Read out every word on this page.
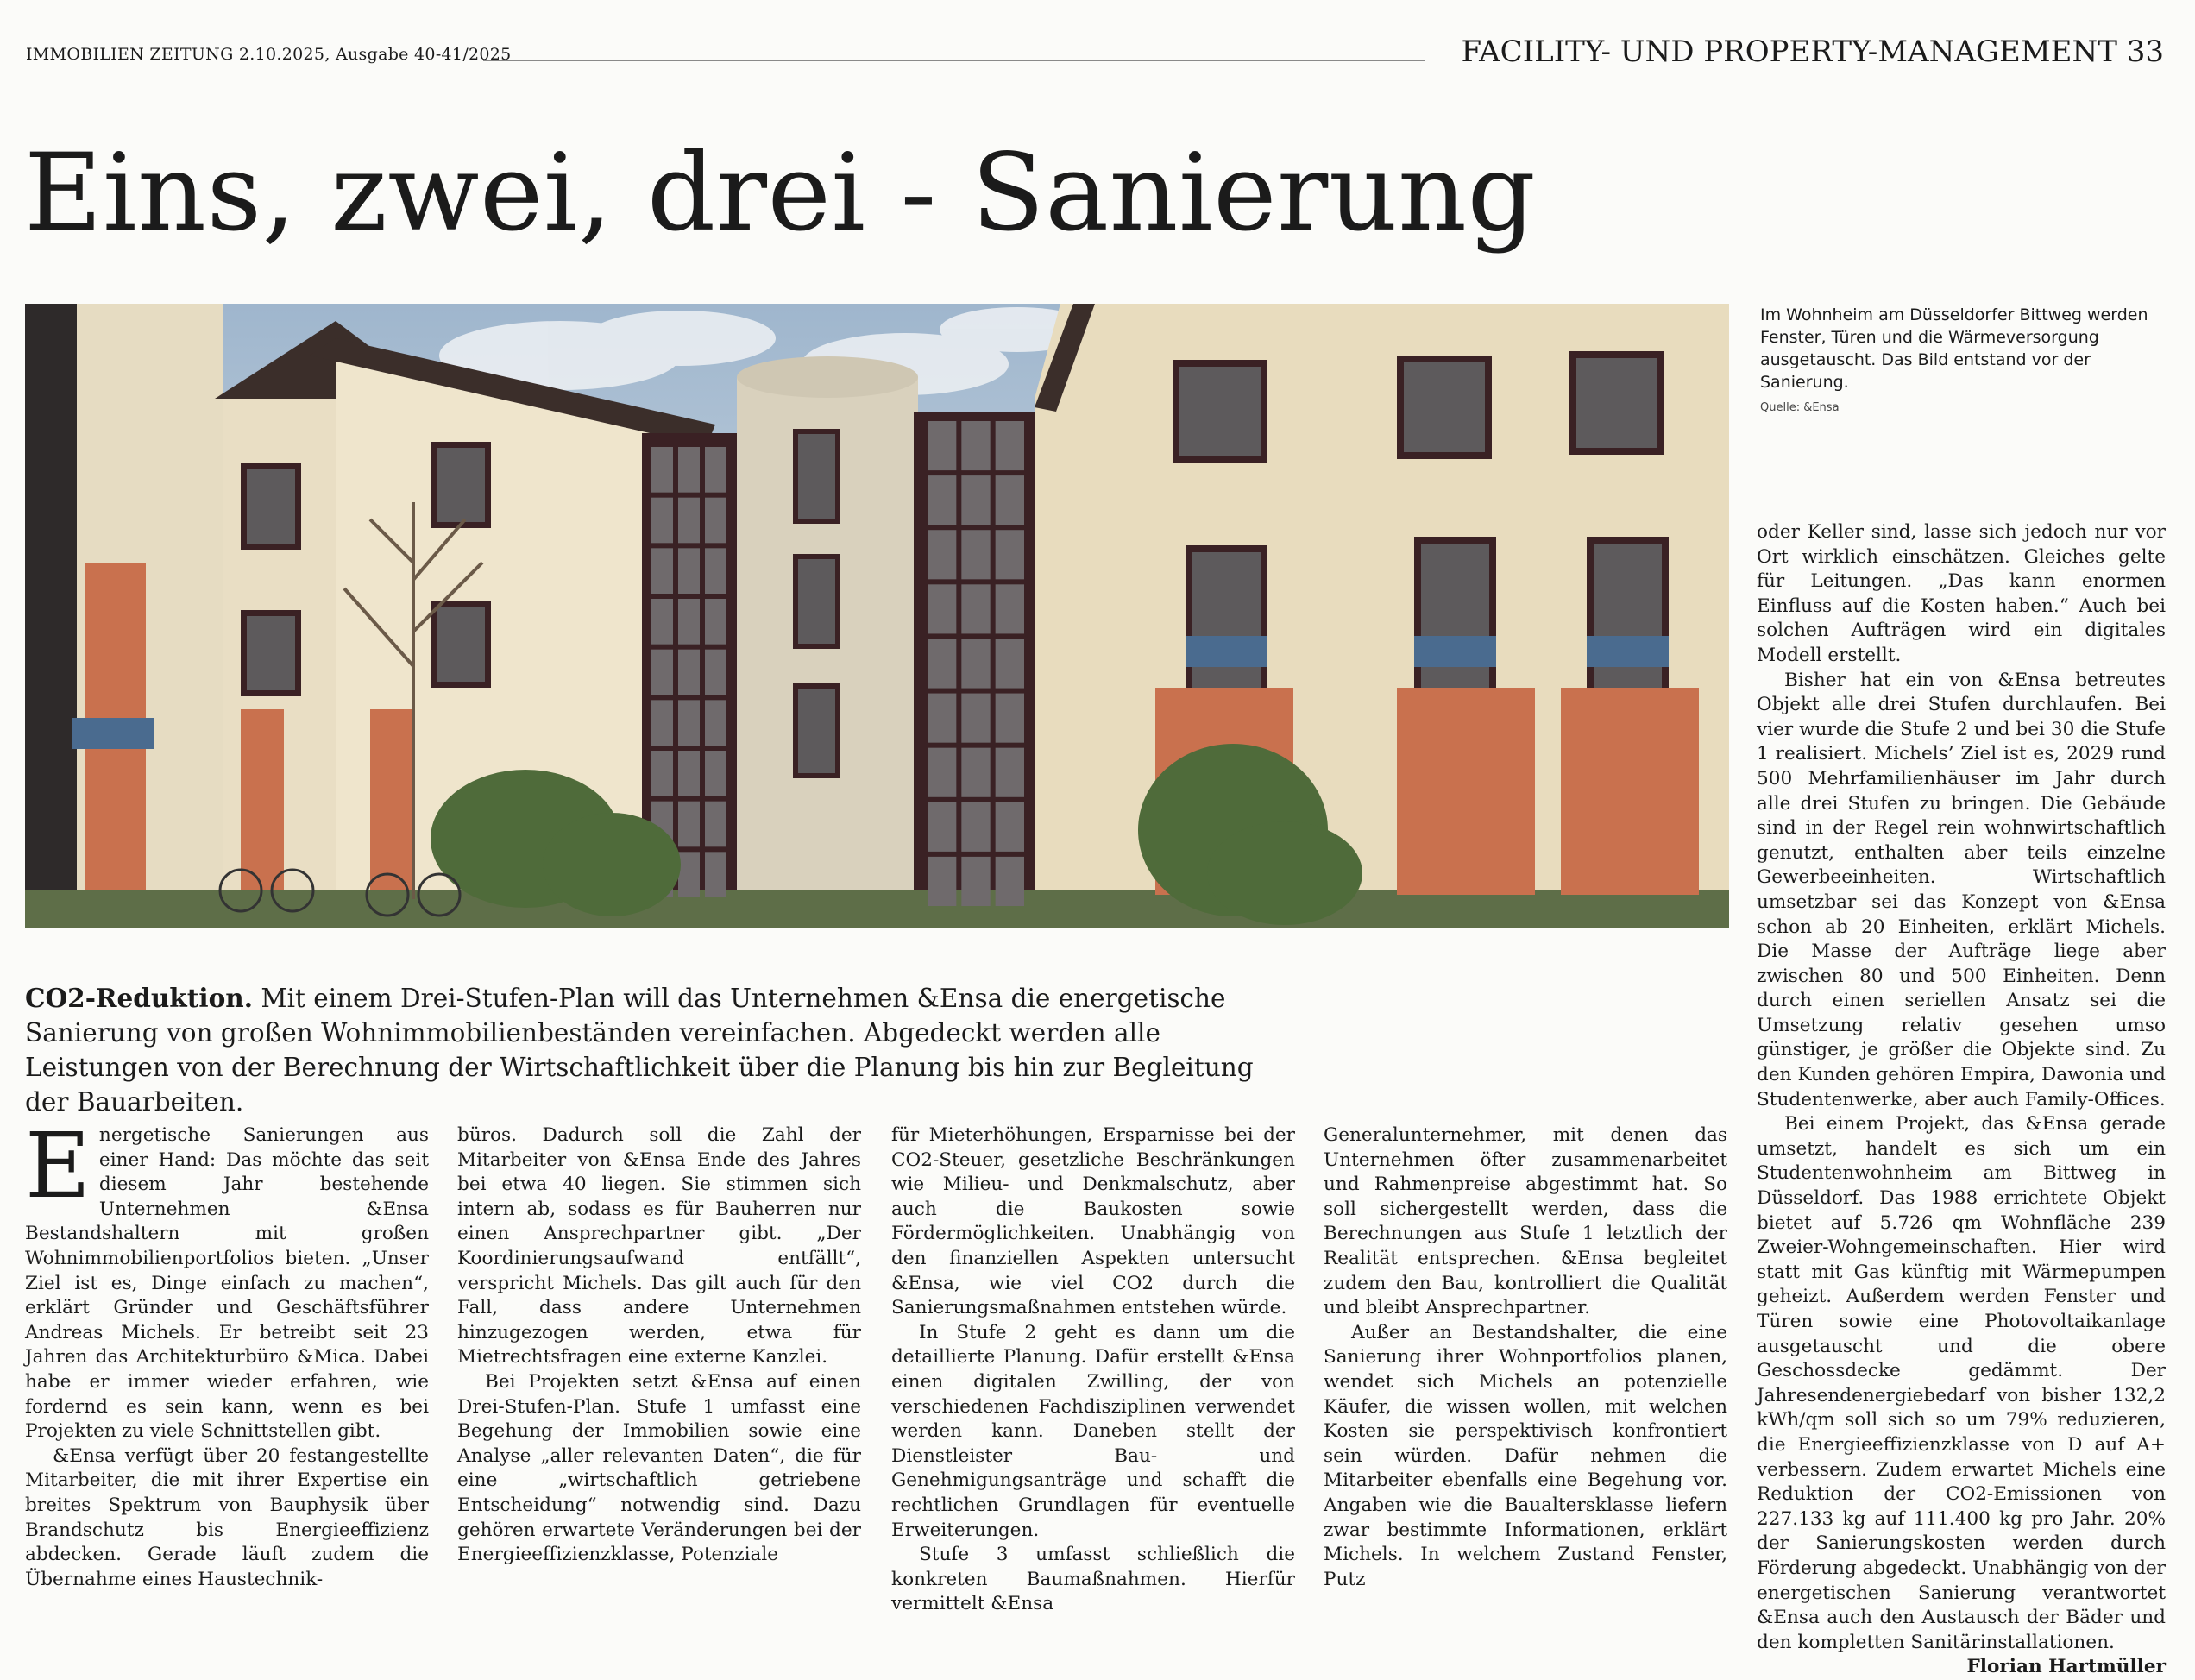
IMMOBILIEN ZEITUNG 2.10.2025, Ausgabe 40-41/2025	FACILITY- UND PROPERTY-MANAGEMENT 33
Eins, zwei, drei - Sanierung
Im Wohnheim am Düsseldorfer Bittweg werden Fenster, Türen und die Wärmeversorgung ausgetauscht. Das Bild entstand vor der Sanierung.
Quelle: &Ensa
CO2-Reduktion. Mit einem Drei-Stufen-Plan will das Unternehmen &Ensa die energetische Sanierung von großen Wohnimmobilienbeständen vereinfachen. Abgedeckt werden alle Leistungen von der Berechnung der Wirtschaftlichkeit über die Planung bis hin zur Begleitung der Bauarbeiten.

Energetische Sanierungen aus einer Hand: Das möchte das seit diesem Jahr bestehende Unternehmen &Ensa Bestandshaltern mit großen Wohnimmobilienportfolios bieten. „Unser Ziel ist es, Dinge einfach zu machen“, erklärt Gründer und Geschäftsführer Andreas Michels. Er betreibt seit 23 Jahren das Architekturbüro &Mica. Dabei habe er immer wieder erfahren, wie fordernd es sein kann, wenn es bei Projekten zu viele Schnittstellen gibt.

&Ensa verfügt über 20 festangestellte Mitarbeiter, die mit ihrer Expertise ein breites Spektrum von Bauphysik über Brandschutz bis Energieeffizienz abdecken. Gerade läuft zudem die Übernahme eines Haustechnik-

büros. Dadurch soll die Zahl der Mitarbeiter von &Ensa Ende des Jahres bei etwa 40 liegen. Sie stimmen sich intern ab, sodass es für Bauherren nur einen Ansprechpartner gibt. „Der Koordinierungsaufwand entfällt“, verspricht Michels. Das gilt auch für den Fall, dass andere Unternehmen hinzugezogen werden, etwa für Mietrechtsfragen eine externe Kanzlei.

Bei Projekten setzt &Ensa auf einen Drei-Stufen-Plan. Stufe 1 umfasst eine Begehung der Immobilien sowie eine Analyse „aller relevanten Daten“, die für eine „wirtschaftlich getriebene Entscheidung“ notwendig sind. Dazu gehören erwartete Veränderungen bei der Energieeffizienzklasse, Potenziale

für Mieterhöhungen, Ersparnisse bei der CO2-Steuer, gesetzliche Beschränkungen wie Milieu- und Denkmalschutz, aber auch die Baukosten sowie Fördermöglichkeiten. Unabhängig von den finanziellen Aspekten untersucht &Ensa, wie viel CO2 durch die Sanierungsmaßnahmen entstehen würde.

In Stufe 2 geht es dann um die detaillierte Planung. Dafür erstellt &Ensa einen digitalen Zwilling, der von verschiedenen Fachdisziplinen verwendet werden kann. Daneben stellt der Dienstleister Bau- und Genehmigungsanträge und schafft die rechtlichen Grundlagen für eventuelle Erweiterungen.

Stufe 3 umfasst schließlich die konkreten Baumaßnahmen. Hierfür vermittelt &Ensa

Generalunternehmer, mit denen das Unternehmen öfter zusammenarbeitet und Rahmenpreise abgestimmt hat. So soll sichergestellt werden, dass die Berechnungen aus Stufe 1 letztlich der Realität entsprechen. &Ensa begleitet zudem den Bau, kontrolliert die Qualität und bleibt Ansprechpartner.

Außer an Bestandshalter, die eine Sanierung ihrer Wohnportfolios planen, wendet sich Michels an potenzielle Käufer, die wissen wollen, mit welchen Kosten sie perspektivisch konfrontiert sein würden. Dafür nehmen die Mitarbeiter ebenfalls eine Begehung vor. Angaben wie die Baualtersklasse liefern zwar bestimmte Informationen, erklärt Michels. In welchem Zustand Fenster, Putz

oder Keller sind, lasse sich jedoch nur vor Ort wirklich einschätzen. Gleiches gelte für Leitungen. „Das kann enormen Einfluss auf die Kosten haben.“ Auch bei solchen Aufträgen wird ein digitales Modell erstellt.

Bisher hat ein von &Ensa betreutes Objekt alle drei Stufen durchlaufen. Bei vier wurde die Stufe 2 und bei 30 die Stufe 1 realisiert. Michels’ Ziel ist es, 2029 rund 500 Mehrfamilienhäuser im Jahr durch alle drei Stufen zu bringen. Die Gebäude sind in der Regel rein wohnwirtschaftlich genutzt, enthalten aber teils einzelne Gewerbeeinheiten. Wirtschaftlich umsetzbar sei das Konzept von &Ensa schon ab 20 Einheiten, erklärt Michels. Die Masse der Aufträge liege aber zwischen 80 und 500 Einheiten. Denn durch einen seriellen Ansatz sei die Umsetzung relativ gesehen umso günstiger, je größer die Objekte sind. Zu den Kunden gehören Empira, Dawonia und Studentenwerke, aber auch Family-Offices.

Bei einem Projekt, das &Ensa gerade umsetzt, handelt es sich um ein Studentenwohnheim am Bittweg in Düsseldorf. Das 1988 errichtete Objekt bietet auf 5.726 qm Wohnfläche 239 Zweier-Wohngemeinschaften. Hier wird statt mit Gas künftig mit Wärmepumpen geheizt. Außerdem werden Fenster und Türen sowie eine Photovoltaikanlage ausgetauscht und die obere Geschossdecke gedämmt. Der Jahresendenergiebedarf von bisher 132,2 kWh/qm soll sich so um 79% reduzieren, die Energieeffizienzklasse von D auf A+ verbessern. Zudem erwartet Michels eine Reduktion der CO2-Emissionen von 227.133 kg auf 111.400 kg pro Jahr. 20% der Sanierungskosten werden durch Förderung abgedeckt. Unabhängig von der energetischen Sanierung verantwortet &Ensa auch den Austausch der Bäder und den kompletten Sanitärinstallationen.
Florian Hartmüller
